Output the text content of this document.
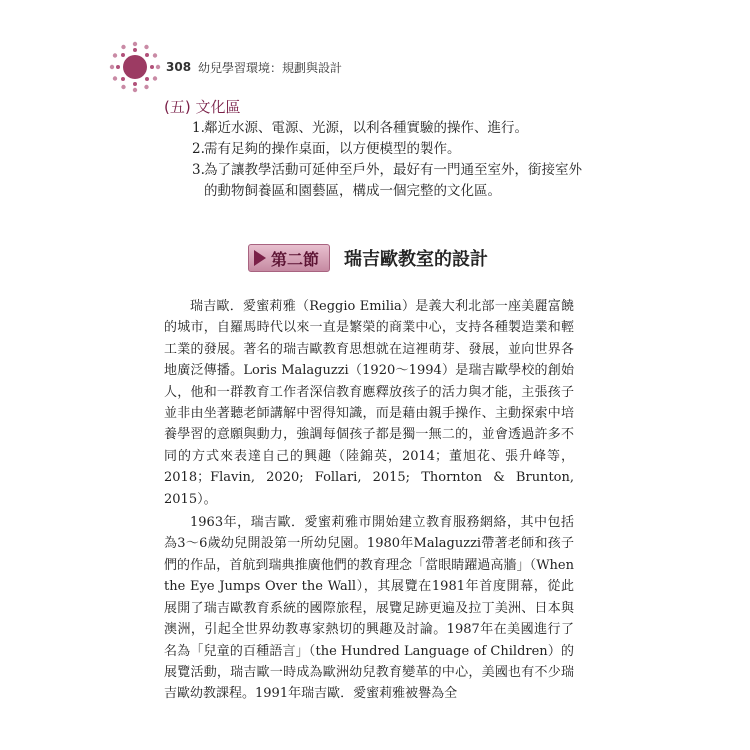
308 幼兒學習環境：規劃與設計
(五) 文化區
1. 鄰近水源、電源、光源，以利各種實驗的操作、進行。
2. 需有足夠的操作桌面，以方便模型的製作。
3. 為了讓教學活動可延伸至戶外，最好有一門通至室外，銜接室外的動物飼養區和園藝區，構成一個完整的文化區。
第二節 瑞吉歐教室的設計

瑞吉歐．愛蜜莉雅（Reggio Emilia）是義大利北部一座美麗富饒的城市，自羅馬時代以來一直是繁榮的商業中心，支持各種製造業和輕工業的發展。著名的瑞吉歐教育思想就在這裡萌芽、發展，並向世界各地廣泛傳播。Loris Malaguzzi（1920～1994）是瑞吉歐學校的創始人，他和一群教育工作者深信教育應釋放孩子的活力與才能，主張孩子並非由坐著聽老師講解中習得知識，而是藉由親手操作、主動探索中培養學習的意願與動力，強調每個孩子都是獨一無二的，並會透過許多不同的方式來表達自己的興趣（陸錦英，2014；董旭花、張升峰等，2018；Flavin, 2020; Follari, 2015; Thornton & Brunton, 2015）。

1963年，瑞吉歐．愛蜜莉雅市開始建立教育服務網絡，其中包括為3～6歲幼兒開設第一所幼兒園。1980年Malaguzzi帶著老師和孩子們的作品，首航到瑞典推廣他們的教育理念「當眼睛躍過高牆」（When the Eye Jumps Over the Wall），其展覽在1981年首度開幕，從此展開了瑞吉歐教育系統的國際旅程，展覽足跡更遍及拉丁美洲、日本與澳洲，引起全世界幼教專家熱切的興趣及討論。1987年在美國進行了名為「兒童的百種語言」（the Hundred Language of Children）的展覽活動，瑞吉歐一時成為歐洲幼兒教育變革的中心，美國也有不少瑞吉歐幼教課程。1991年瑞吉歐．愛蜜莉雅被譽為全
